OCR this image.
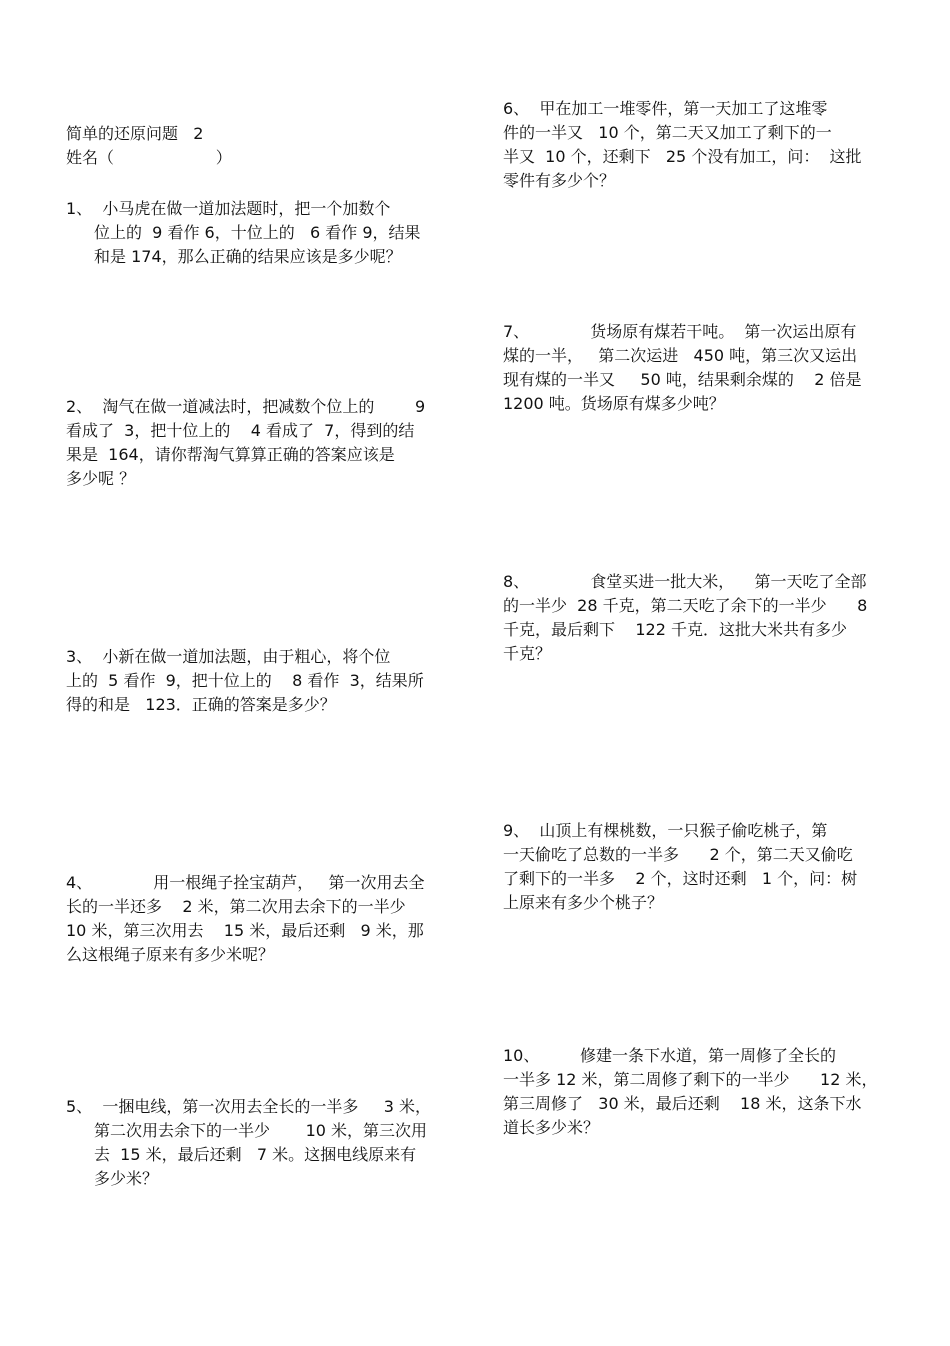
简单的还原问题   2
姓名（                    ）
1、  小马虎在做一道加法题时，把一个加数个
位上的  9 看作 6，十位上的   6 看作 9，结果
和是 174，那么正确的结果应该是多少呢？
2、  淘气在做一道减法时，把减数个位上的        9
看成了  3，把十位上的    4 看成了  7，得到的结
果是  164，请你帮淘气算算正确的答案应该是
多少呢 ？
3、  小新在做一道加法题，由于粗心，将个位
上的  5 看作  9，把十位上的    8 看作  3，结果所
得的和是   123．正确的答案是多少？
4、            用一根绳子拴宝葫芦，   第一次用去全
长的一半还多    2 米，第二次用去余下的一半少
10 米，第三次用去    15 米，最后还剩   9 米，那
么这根绳子原来有多少米呢？
5、  一捆电线，第一次用去全长的一半多     3 米，
第二次用去余下的一半少       10 米，第三次用
去  15 米，最后还剩   7 米。这捆电线原来有
多少米？
6、  甲在加工一堆零件，第一天加工了这堆零
件的一半又   10 个，第二天又加工了剩下的一
半又  10 个，还剩下   25 个没有加工，问：  这批
零件有多少个？
7、            货场原有煤若干吨。  第一次运出原有
煤的一半，   第二次运进   450 吨，第三次又运出
现有煤的一半又     50 吨，结果剩余煤的    2 倍是
1200 吨。货场原有煤多少吨？
8、            食堂买进一批大米，    第一天吃了全部
的一半少  28 千克，第二天吃了余下的一半少      8
千克，最后剩下    122 千克．这批大米共有多少
千克？
9、  山顶上有棵桃数，一只猴子偷吃桃子，第
一天偷吃了总数的一半多      2 个，第二天又偷吃
了剩下的一半多    2 个，这时还剩   1 个，问：树
上原来有多少个桃子？
10、        修建一条下水道，第一周修了全长的
一半多 12 米，第二周修了剩下的一半少      12 米，
第三周修了   30 米，最后还剩    18 米，这条下水
道长多少米？
